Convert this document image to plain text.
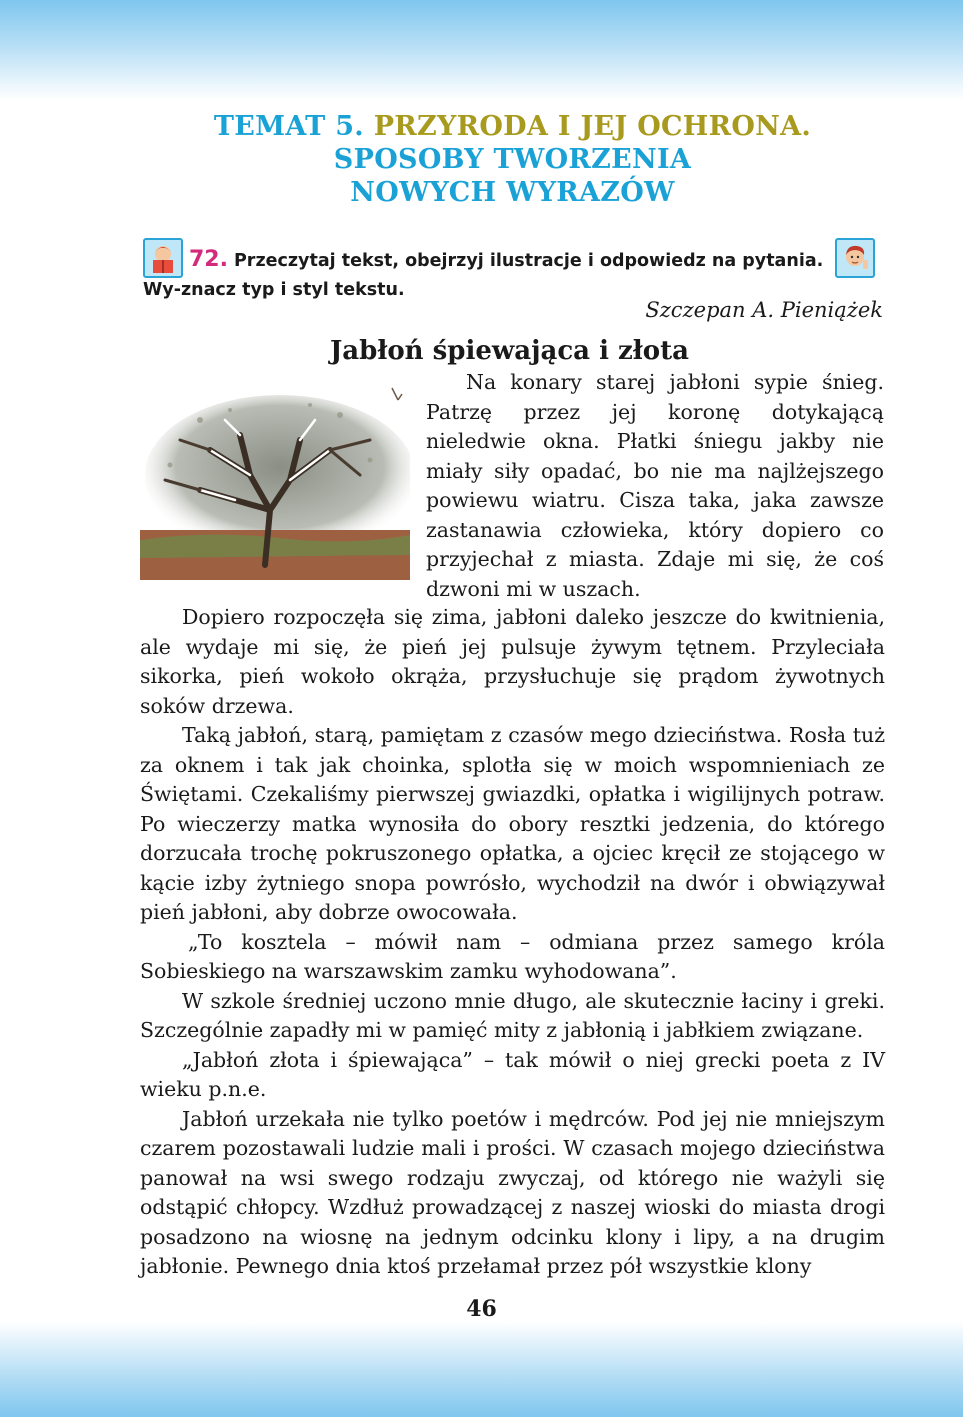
TEMAT 5. PRZYRODA I JEJ OCHRONA.
SPOSOBY TWORZENIA
NOWYCH WYRAZÓW
72. Przeczytaj tekst, obejrzyj ilustracje i odpowiedz na pytania. Wy-znacz typ i styl tekstu.
Szczepan A. Pieniążek
Jabłoń śpiewająca i złota

Na konary starej jabłoni sypie śnieg. Patrzę przez jej koronę dotykającą nieledwie okna. Płatki śniegu jakby nie miały siły opadać, bo nie ma najlżejszego powiewu wiatru. Cisza taka, jaka zawsze zastanawia człowieka, który dopiero co przyjechał z miasta. Zdaje mi się, że coś dzwoni mi w uszach.

Dopiero rozpoczęła się zima, jabłoni daleko jeszcze do kwitnienia, ale wydaje mi się, że pień jej pulsuje żywym tętnem. Przyleciała sikorka, pień wokoło okrąża, przysłuchuje się prądom żywotnych soków drzewa.

Taką jabłoń, starą, pamiętam z czasów mego dzieciństwa. Rosła tuż za oknem i tak jak choinka, splotła się w moich wspomnieniach ze Świętami. Czekaliśmy pierwszej gwiazdki, opłatka i wigilijnych potraw. Po wieczerzy matka wynosiła do obory resztki jedzenia, do którego dorzucała trochę pokruszonego opłatka, a ojciec kręcił ze stojącego w kącie izby żytniego snopa powrósło, wychodził na dwór i obwiązywał pień jabłoni, aby dobrze owocowała.

„To kosztela – mówił nam – odmiana przez samego króla Sobieskiego na warszawskim zamku wyhodowana”.

W szkole średniej uczono mnie długo, ale skutecznie łaciny i greki. Szczególnie zapadły mi w pamięć mity z jabłonią i jabłkiem związane.

„Jabłoń złota i śpiewająca” – tak mówił o niej grecki poeta z IV wieku p.n.e.

Jabłoń urzekała nie tylko poetów i mędrców. Pod jej nie mniejszym czarem pozostawali ludzie mali i prości. W czasach mojego dzieciństwa panował na wsi swego rodzaju zwyczaj, od którego nie ważyli się odstąpić chłopcy. Wzdłuż prowadzącej z naszej wioski do miasta drogi posadzono na wiosnę na jednym odcinku klony i lipy, a na drugim jabłonie. Pewnego dnia ktoś przełamał przez pół wszystkie klony

46
